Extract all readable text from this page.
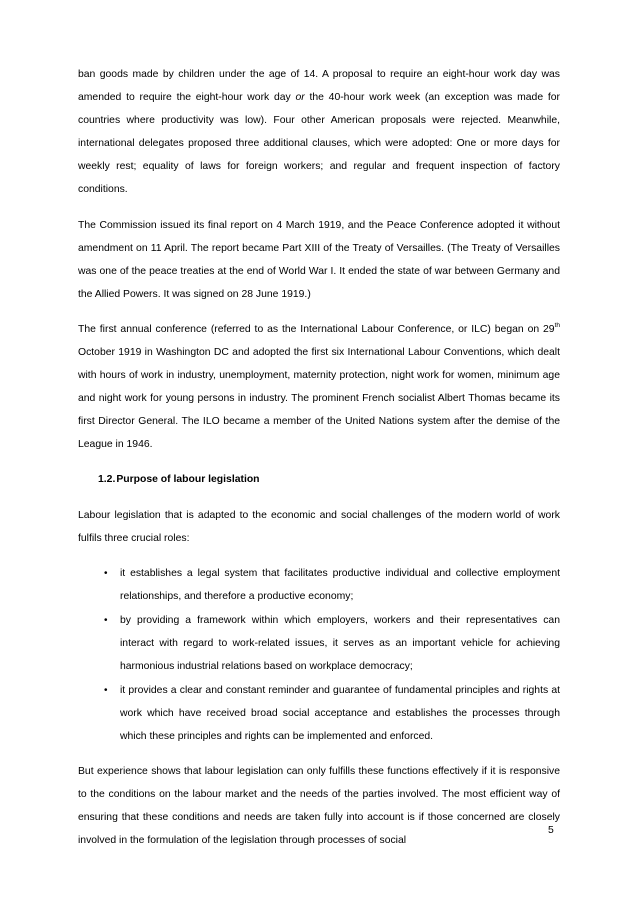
ban goods made by children under the age of 14. A proposal to require an eight-hour work day was amended to require the eight-hour work day or the 40-hour work week (an exception was made for countries where productivity was low). Four other American proposals were rejected. Meanwhile, international delegates proposed three additional clauses, which were adopted: One or more days for weekly rest; equality of laws for foreign workers; and regular and frequent inspection of factory conditions.

The Commission issued its final report on 4 March 1919, and the Peace Conference adopted it without amendment on 11 April. The report became Part XIII of the Treaty of Versailles. (The Treaty of Versailles was one of the peace treaties at the end of World War I. It ended the state of war between Germany and the Allied Powers. It was signed on 28 June 1919.)

The first annual conference (referred to as the International Labour Conference, or ILC) began on 29th October 1919 in Washington DC and adopted the first six International Labour Conventions, which dealt with hours of work in industry, unemployment, maternity protection, night work for women, minimum age and night work for young persons in industry. The prominent French socialist Albert Thomas became its first Director General. The ILO became a member of the United Nations system after the demise of the League in 1946.

1.2.Purpose of labour legislation

Labour legislation that is adapted to the economic and social challenges of the modern world of work fulfils three crucial roles:

• it establishes a legal system that facilitates productive individual and collective employment relationships, and therefore a productive economy;
• by providing a framework within which employers, workers and their representatives can interact with regard to work-related issues, it serves as an important vehicle for achieving harmonious industrial relations based on workplace democracy;
• it provides a clear and constant reminder and guarantee of fundamental principles and rights at work which have received broad social acceptance and establishes the processes through which these principles and rights can be implemented and enforced.

But experience shows that labour legislation can only fulfills these functions effectively if it is responsive to the conditions on the labour market and the needs of the parties involved. The most efficient way of ensuring that these conditions and needs are taken fully into account is if those concerned are closely involved in the formulation of the legislation through processes of social

5
